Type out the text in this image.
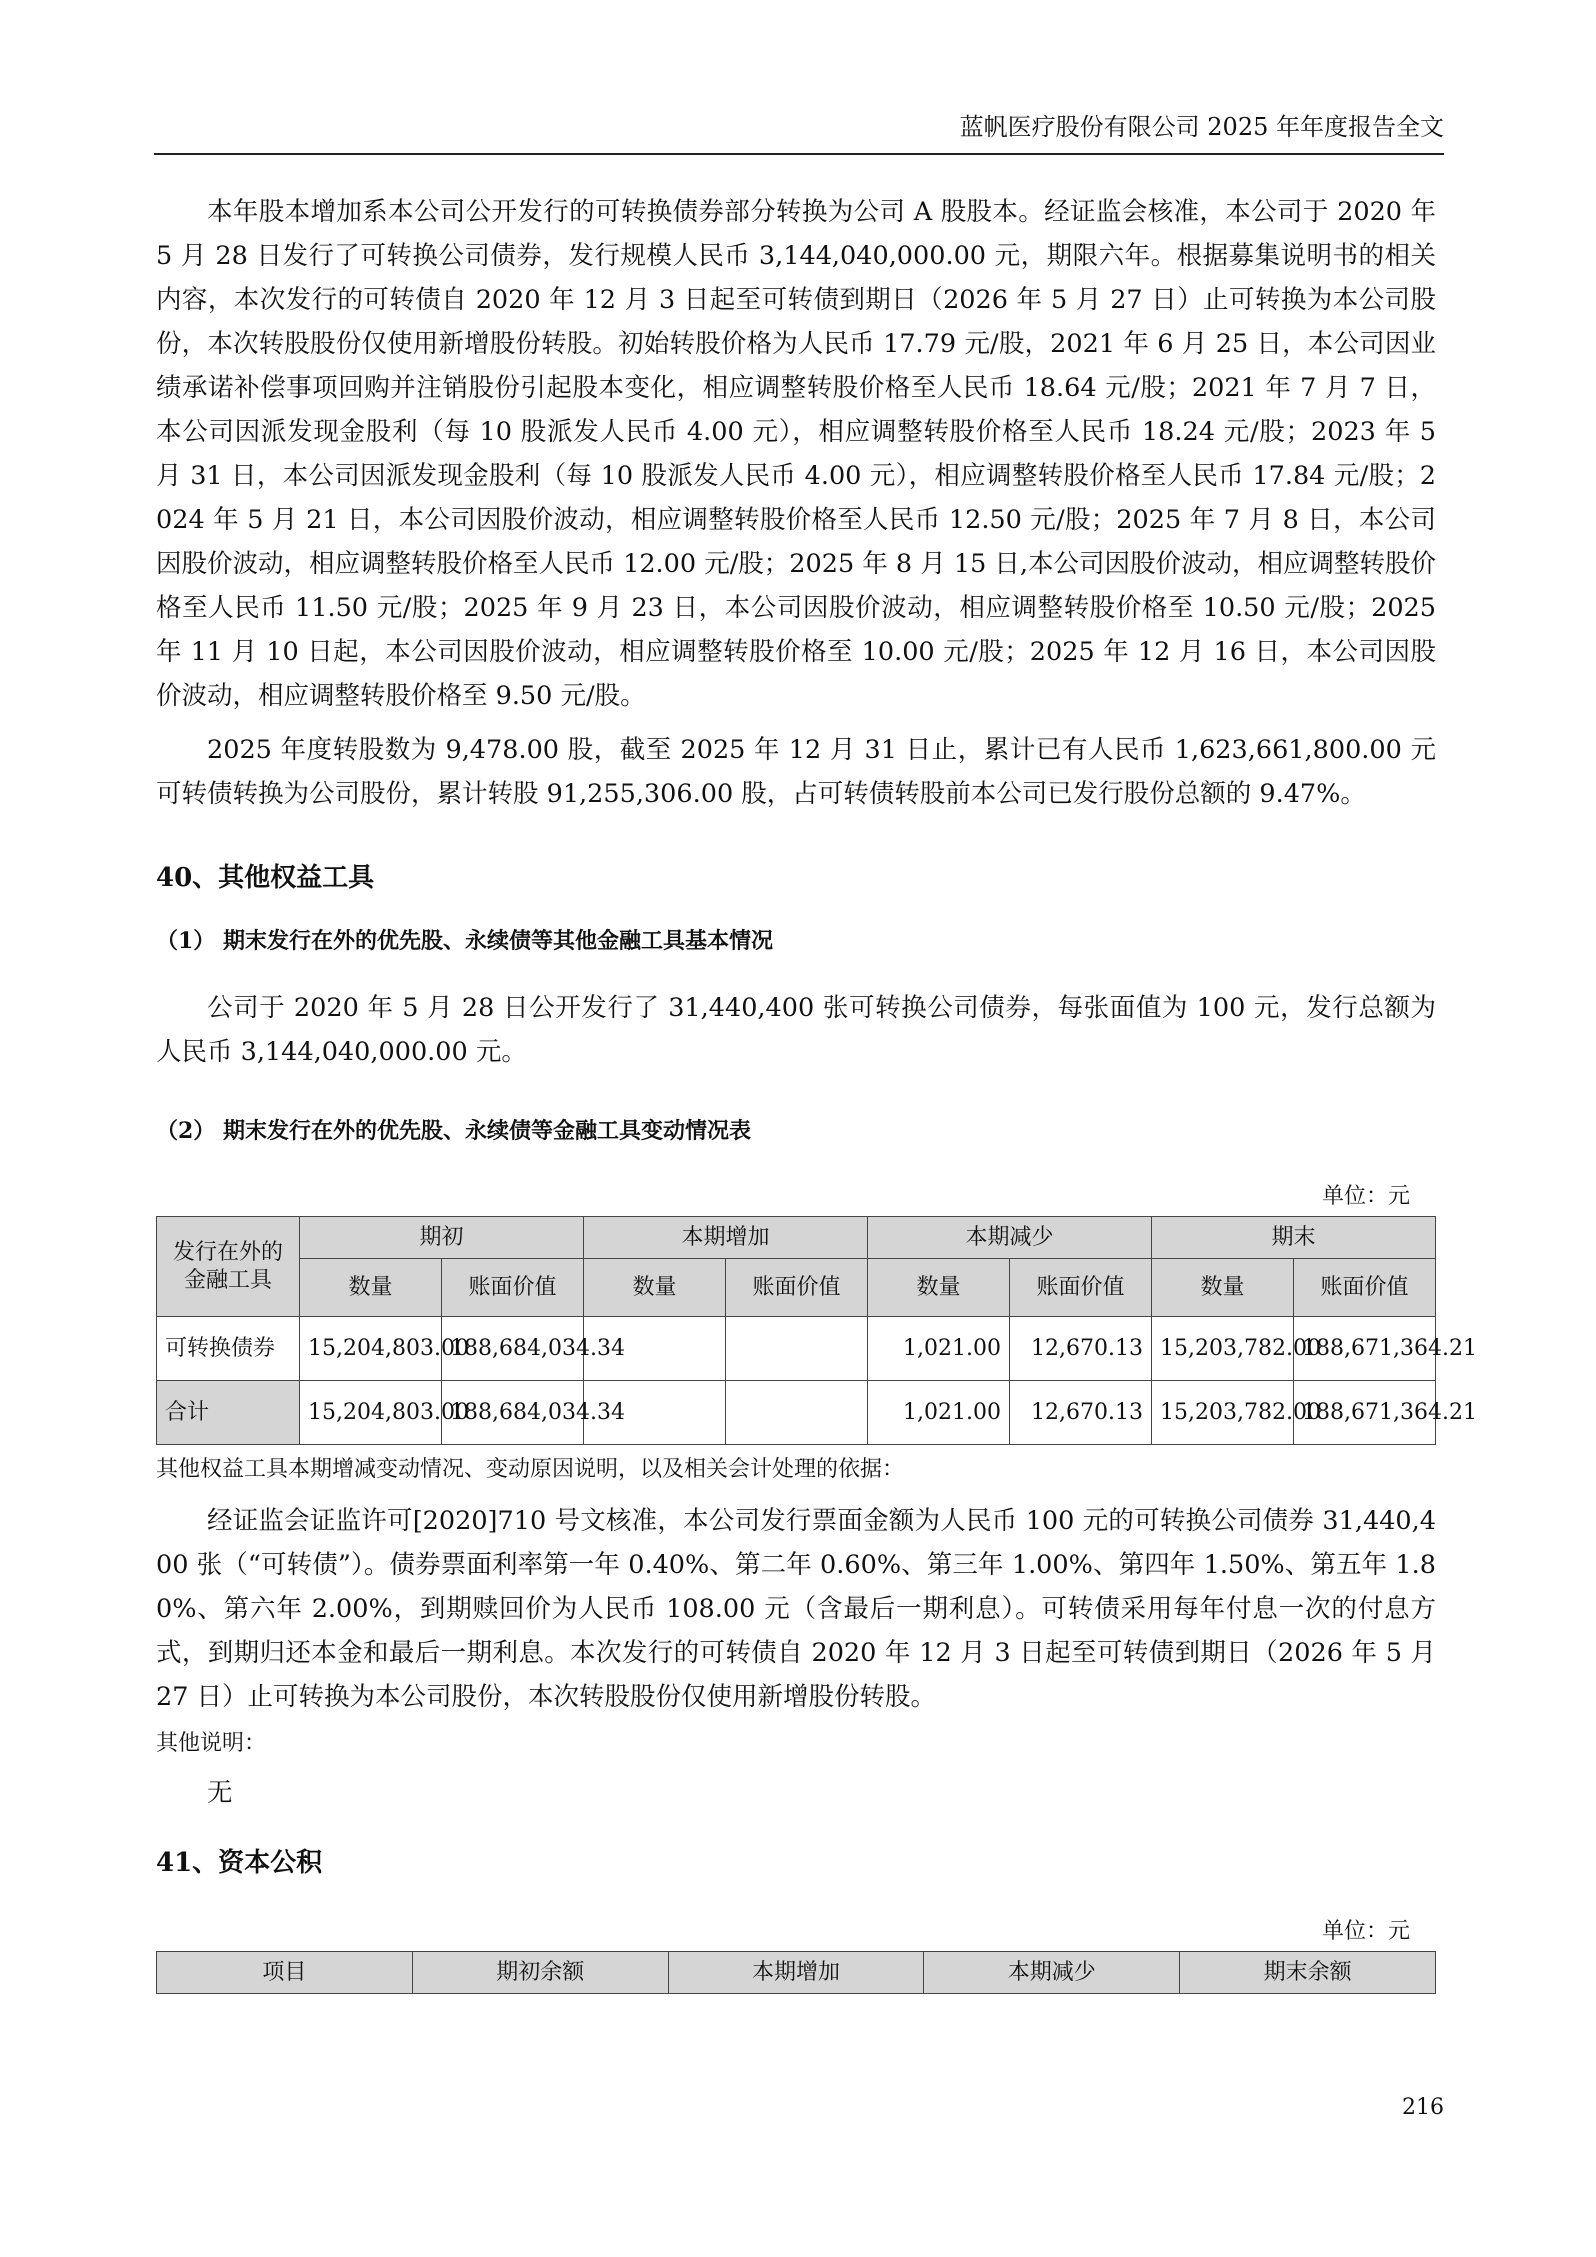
蓝帆医疗股份有限公司 2025 年年度报告全文

本年股本增加系本公司公开发行的可转换债券部分转换为公司 A 股股本。经证监会核准，本公司于 2020 年 5 月 28 日发行了可转换公司债券，发行规模人民币 3,144,040,000.00 元，期限六年。根据募集说明书的相关内容，本次发行的可转债自 2020 年 12 月 3 日起至可转债到期日（2026 年 5 月 27 日）止可转换为本公司股份，本次转股股份仅使用新增股份转股。初始转股价格为人民币 17.79 元/股，2021 年 6 月 25 日，本公司因业绩承诺补偿事项回购并注销股份引起股本变化，相应调整转股价格至人民币 18.64 元/股；2021 年 7 月 7 日，本公司因派发现金股利（每 10 股派发人民币 4.00 元），相应调整转股价格至人民币 18.24 元/股；2023 年 5 月 31 日，本公司因派发现金股利（每 10 股派发人民币 4.00 元），相应调整转股价格至人民币 17.84 元/股；2024 年 5 月 21 日，本公司因股价波动，相应调整转股价格至人民币 12.50 元/股；2025 年 7 月 8 日，本公司因股价波动，相应调整转股价格至人民币 12.00 元/股；2025 年 8 月 15 日,本公司因股价波动，相应调整转股价格至人民币 11.50 元/股；2025 年 9 月 23 日，本公司因股价波动，相应调整转股价格至 10.50 元/股；2025 年 11 月 10 日起，本公司因股价波动，相应调整转股价格至 10.00 元/股；2025 年 12 月 16 日，本公司因股价波动，相应调整转股价格至 9.50 元/股。

2025 年度转股数为 9,478.00 股，截至 2025 年 12 月 31 日止，累计已有人民币 1,623,661,800.00 元可转债转换为公司股份，累计转股 91,255,306.00 股，占可转债转股前本公司已发行股份总额的 9.47%。

40、其他权益工具

（1） 期末发行在外的优先股、永续债等其他金融工具基本情况

公司于 2020 年 5 月 28 日公开发行了 31,440,400 张可转换公司债券，每张面值为 100 元，发行总额为人民币 3,144,040,000.00 元。

（2） 期末发行在外的优先股、永续债等金融工具变动情况表

单位：元

发行在外的金融工具	期初		本期增加		本期减少		期末	
	数量	账面价值	数量	账面价值	数量	账面价值	数量	账面价值
可转换债券	15,204,803.00	188,684,034.34			1,021.00	12,670.13	15,203,782.00	188,671,364.21
合计	15,204,803.00	188,684,034.34			1,021.00	12,670.13	15,203,782.00	188,671,364.21

其他权益工具本期增减变动情况、变动原因说明，以及相关会计处理的依据：

经证监会证监许可[2020]710 号文核准，本公司发行票面金额为人民币 100 元的可转换公司债券 31,440,400 张（“可转债”）。债券票面利率第一年 0.40%、第二年 0.60%、第三年 1.00%、第四年 1.50%、第五年 1.80%、第六年 2.00%，到期赎回价为人民币 108.00 元（含最后一期利息）。可转债采用每年付息一次的付息方式，到期归还本金和最后一期利息。本次发行的可转债自 2020 年 12 月 3 日起至可转债到期日（2026 年 5 月 27 日）止可转换为本公司股份，本次转股股份仅使用新增股份转股。

其他说明：

无

41、资本公积

单位：元

项目	期初余额	本期增加	本期减少	期末余额
216
